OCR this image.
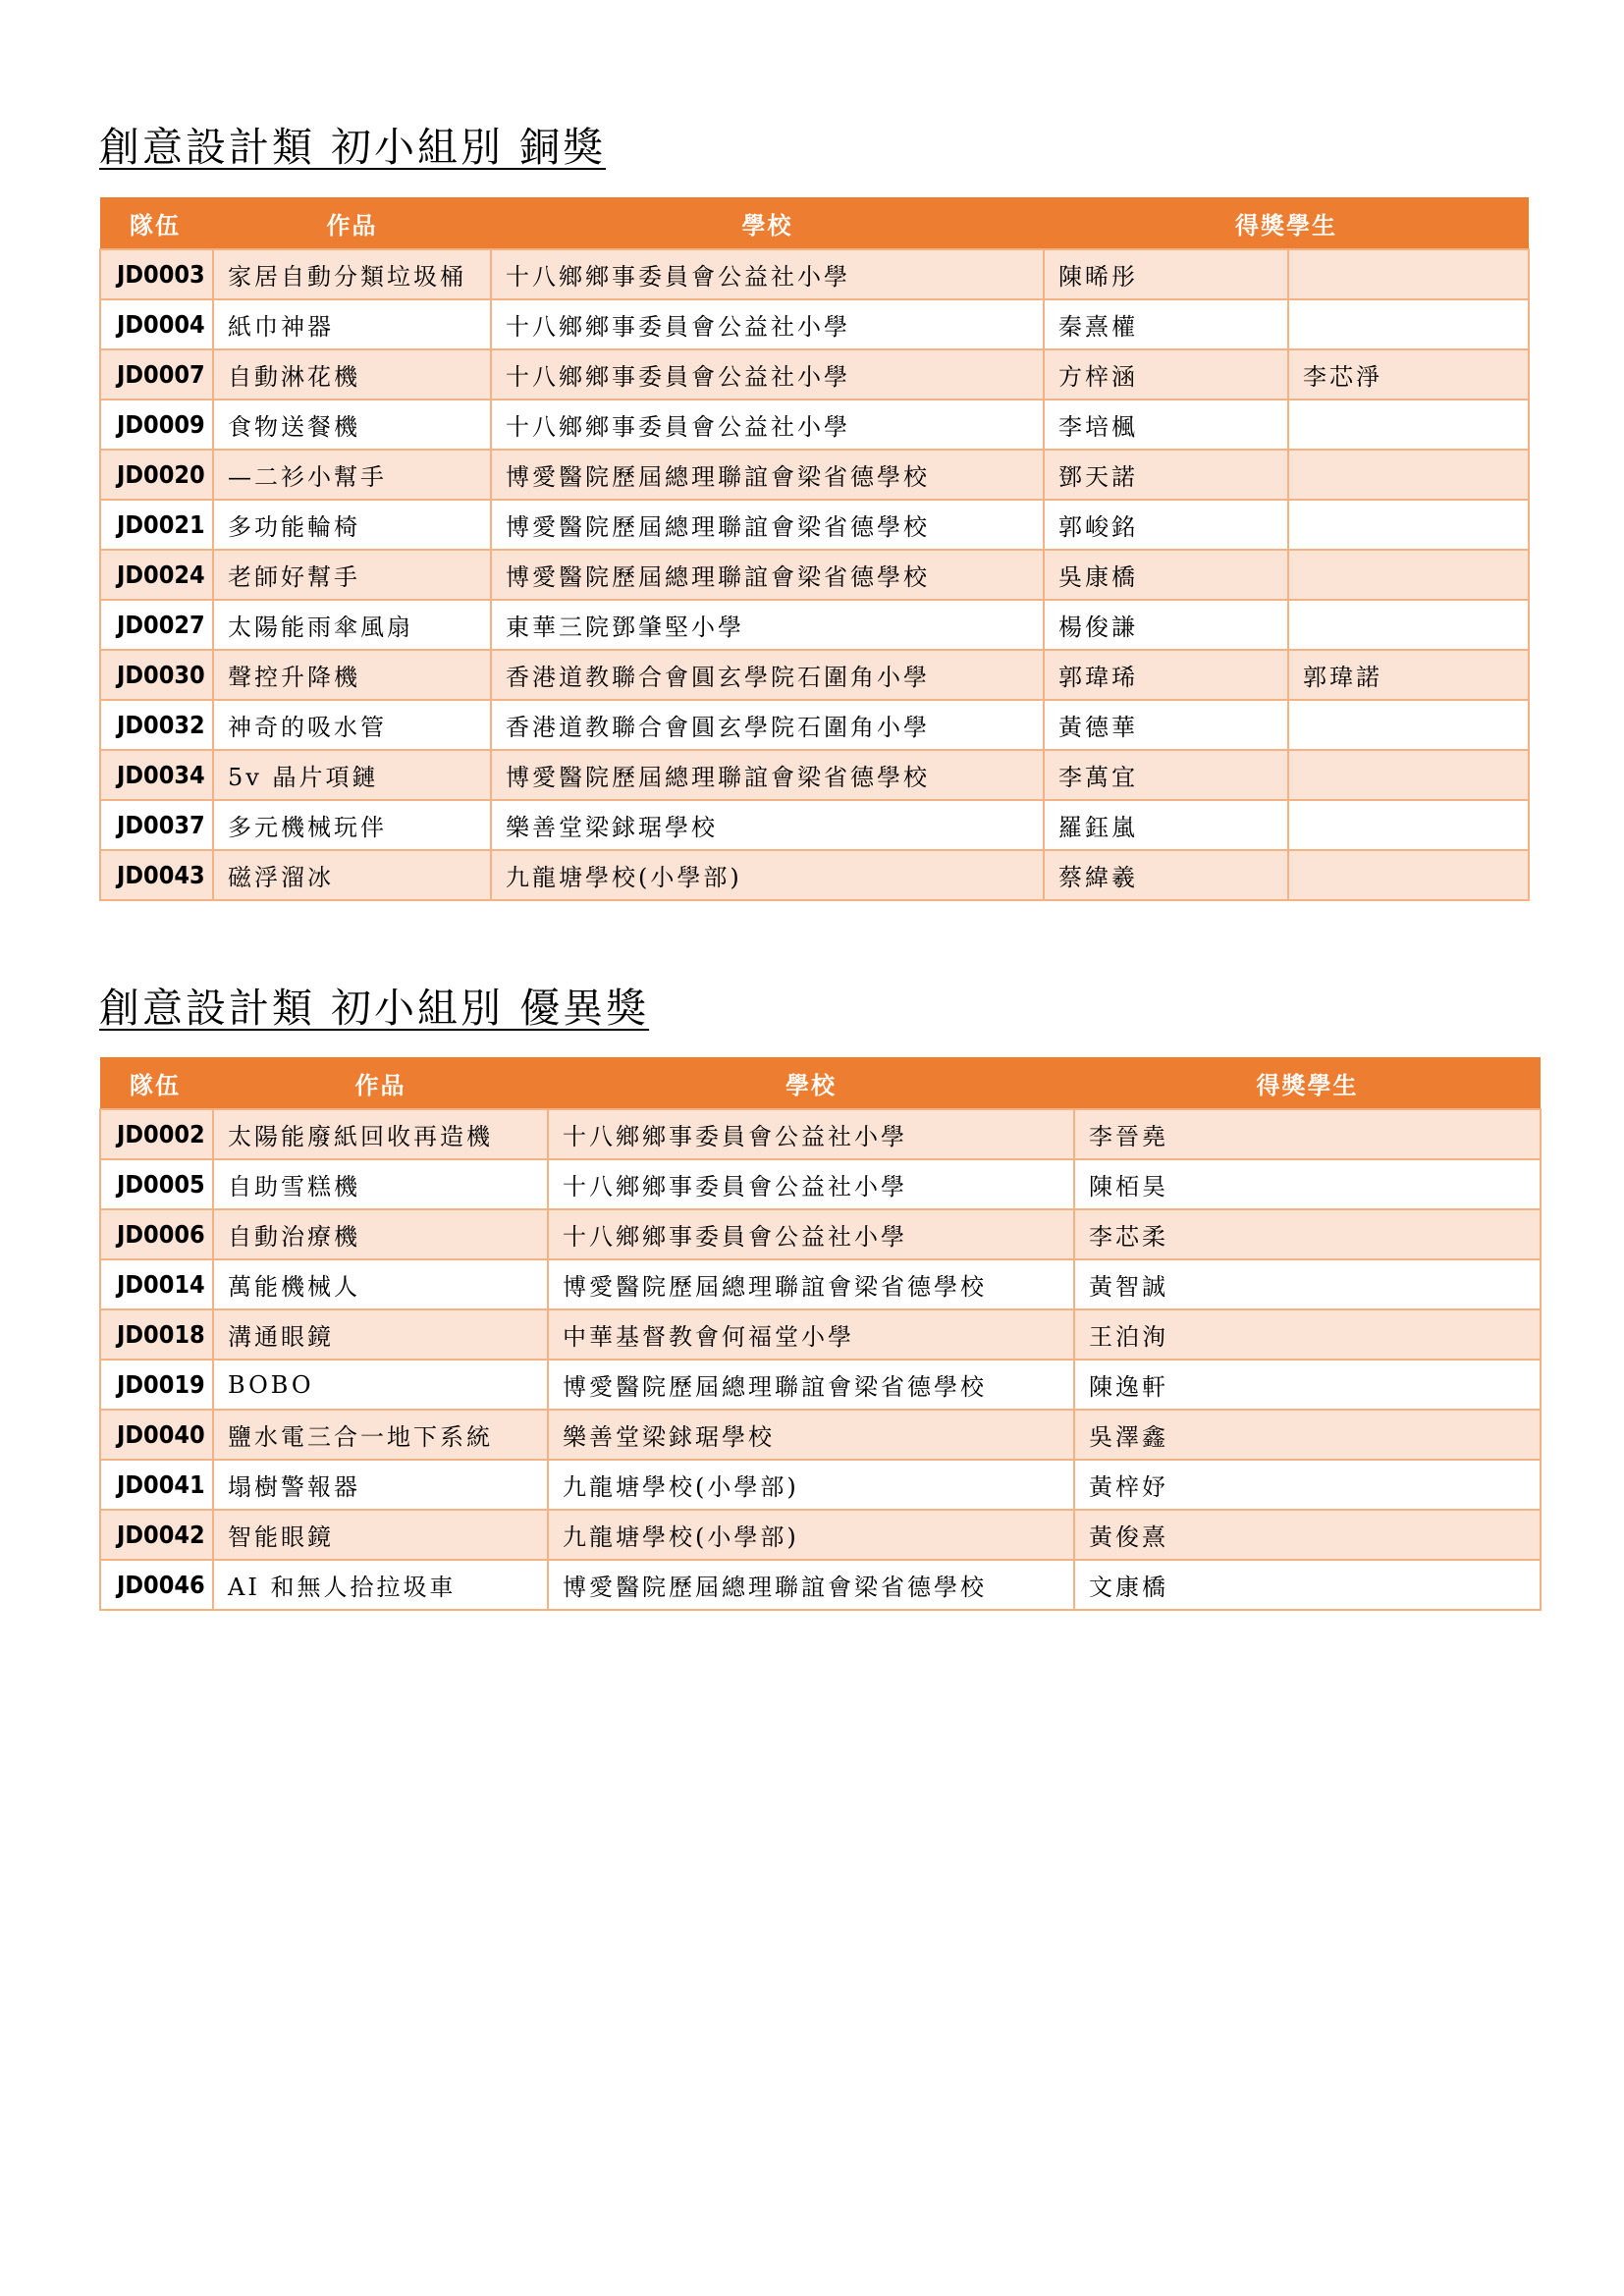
創意設計類 初小組別 銅獎
隊伍	作品	學校	得獎學生	
JD0003	家居自動分類垃圾桶	十八鄉鄉事委員會公益社小學	陳晞彤	
JD0004	紙巾神器	十八鄉鄉事委員會公益社小學	秦熹權	
JD0007	自動淋花機	十八鄉鄉事委員會公益社小學	方梓涵	李芯淨
JD0009	食物送餐機	十八鄉鄉事委員會公益社小學	李培楓	
JD0020	—二衫小幫手	博愛醫院歷屆總理聯誼會梁省德學校	鄧天諾	
JD0021	多功能輪椅	博愛醫院歷屆總理聯誼會梁省德學校	郭峻銘	
JD0024	老師好幫手	博愛醫院歷屆總理聯誼會梁省德學校	吳康橋	
JD0027	太陽能雨傘風扇	東華三院鄧肇堅小學	楊俊謙	
JD0030	聲控升降機	香港道教聯合會圓玄學院石圍角小學	郭瑋琋	郭瑋諾
JD0032	神奇的吸水管	香港道教聯合會圓玄學院石圍角小學	黃德華	
JD0034	5v 晶片項鏈	博愛醫院歷屆總理聯誼會梁省德學校	李萬宜	
JD0037	多元機械玩伴	樂善堂梁銶琚學校	羅鈺嵐	
JD0043	磁浮溜冰	九龍塘學校(小學部)	蔡緯羲	
創意設計類 初小組別 優異獎
隊伍	作品	學校	得獎學生
JD0002	太陽能廢紙回收再造機	十八鄉鄉事委員會公益社小學	李晉堯
JD0005	自助雪糕機	十八鄉鄉事委員會公益社小學	陳栢昊
JD0006	自動治療機	十八鄉鄉事委員會公益社小學	李芯柔
JD0014	萬能機械人	博愛醫院歷屆總理聯誼會梁省德學校	黃智誠
JD0018	溝通眼鏡	中華基督教會何福堂小學	王泊洵
JD0019	BOBO	博愛醫院歷屆總理聯誼會梁省德學校	陳逸軒
JD0040	鹽水電三合一地下系統	樂善堂梁銶琚學校	吳澤鑫
JD0041	塌樹警報器	九龍塘學校(小學部)	黃梓妤
JD0042	智能眼鏡	九龍塘學校(小學部)	黃俊熹
JD0046	AI 和無人拾拉圾車	博愛醫院歷屆總理聯誼會梁省德學校	文康橋
